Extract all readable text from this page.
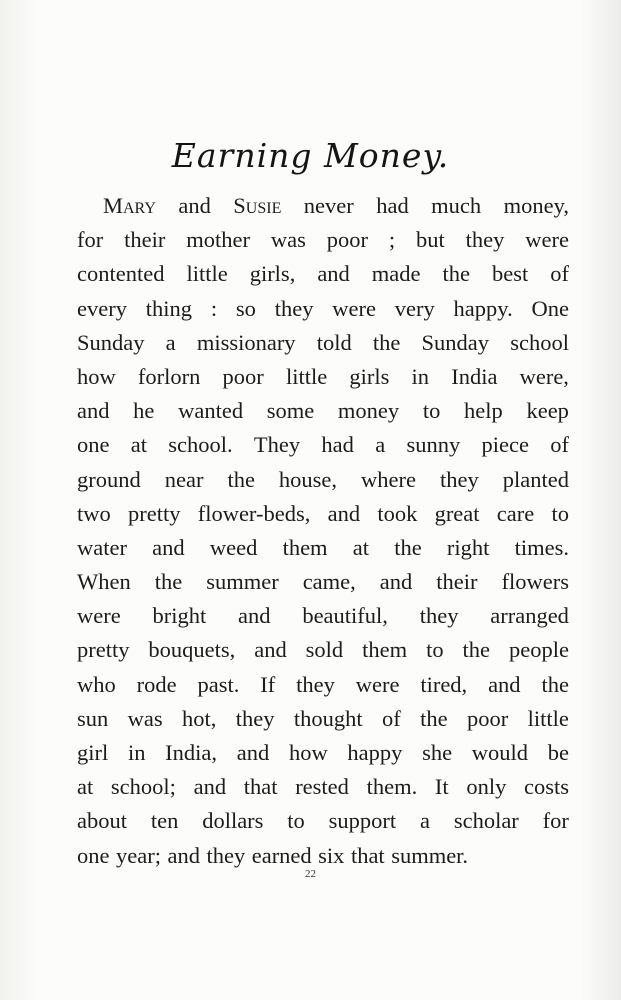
Earning Money.
Mary and Susie never had much money,
for their mother was poor ; but they were
contented little girls, and made the best of
every thing : so they were very happy. One
Sunday a missionary told the Sunday school
how forlorn poor little girls in India were,
and he wanted some money to help keep
one at school. They had a sunny piece of
ground near the house, where they planted
two pretty flower-beds, and took great care to
water and weed them at the right times.
When the summer came, and their flowers
were bright and beautiful, they arranged
pretty bouquets, and sold them to the people
who rode past. If they were tired, and the
sun was hot, they thought of the poor little
girl in India, and how happy she would be
at school; and that rested them. It only costs
about ten dollars to support a scholar for
one year; and they earned six that summer.
22
